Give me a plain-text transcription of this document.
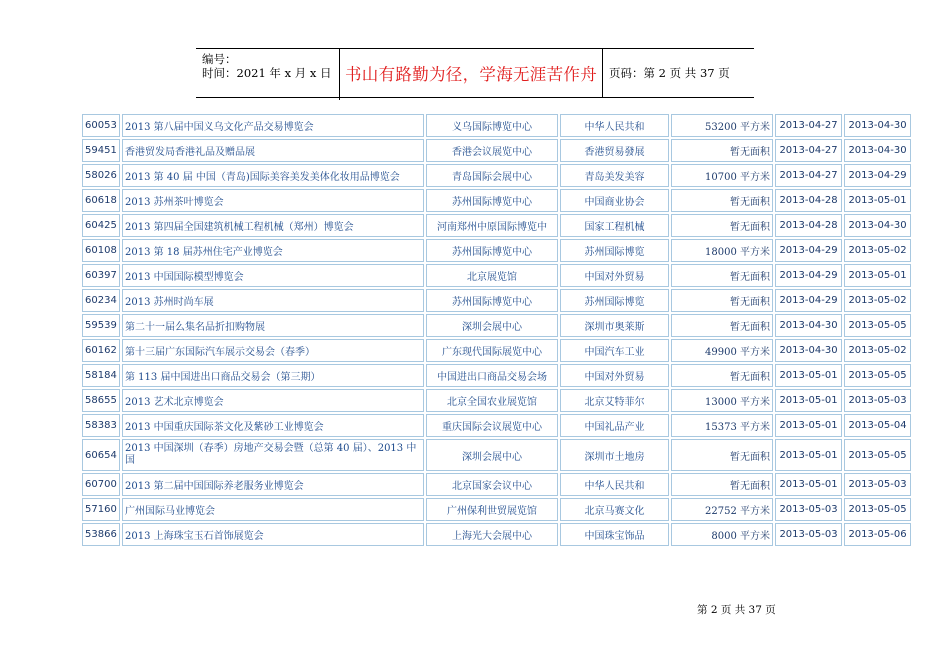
编号：
时间：2021 年 x 月 x 日 书山有路勤为径，学海无涯苦作舟	页码：第 2 页 共 37 页
60053	2013 第八届中国义乌文化产品交易博览会	义乌国际博览中心	中华人民共和	53200 平方米	2013-04-27	2013-04-30
59451	香港贸发局香港礼品及赠品展	香港会议展览中心	香港贸易發展	暂无面积	2013-04-27	2013-04-30
58026	2013 第 40 届 中国（青岛)国际美容美发美体化妆用品博览会	青岛国际会展中心	青岛美发美容	10700 平方米	2013-04-27	2013-04-29
60618	2013 苏州茶叶博览会	苏州国际博览中心	中国商业协会	暂无面积	2013-04-28	2013-05-01
60425	2013 第四届全国建筑机械工程机械（郑州）博览会	河南郑州中原国际博览中	国家工程机械	暂无面积	2013-04-28	2013-04-30
60108	2013 第 18 届苏州住宅产业博览会	苏州国际博览中心	苏州国际博览	18000 平方米	2013-04-29	2013-05-02
60397	2013 中国国际模型博览会	北京展览馆	中国对外贸易	暂无面积	2013-04-29	2013-05-01
60234	2013 苏州时尚车展	苏州国际博览中心	苏州国际博览	暂无面积	2013-04-29	2013-05-02
59539	第二十一届么集名品折扣购物展	深圳会展中心	深圳市奥莱斯	暂无面积	2013-04-30	2013-05-05
60162	第十三届广东国际汽车展示交易会（春季）	广东现代国际展览中心	中国汽车工业	49900 平方米	2013-04-30	2013-05-02
58184	第 113 届中国进出口商品交易会（第三期）	中国进出口商品交易会场	中国对外贸易	暂无面积	2013-05-01	2013-05-05
58655	2013 艺术北京博览会	北京全国农业展览馆	北京艾特菲尔	13000 平方米	2013-05-01	2013-05-03
58383	2013 中国重庆国际茶文化及紫砂工业博览会	重庆国际会议展览中心	中国礼品产业	15373 平方米	2013-05-01	2013-05-04
60654	2013 中国深圳（春季）房地产交易会暨（总第 40 届）、2013 中国	深圳会展中心	深圳市土地房	暂无面积	2013-05-01	2013-05-05
60700	2013 第二届中国国际养老服务业博览会	北京国家会议中心	中华人民共和	暂无面积	2013-05-01	2013-05-03
57160	广州国际马业博览会	广州保利世贸展览馆	北京马赛文化	22752 平方米	2013-05-03	2013-05-05
53866	2013 上海珠宝玉石首饰展览会	上海光大会展中心	中国珠宝饰品	8000 平方米	2013-05-03	2013-05-06
第 2 页 共 37 页
